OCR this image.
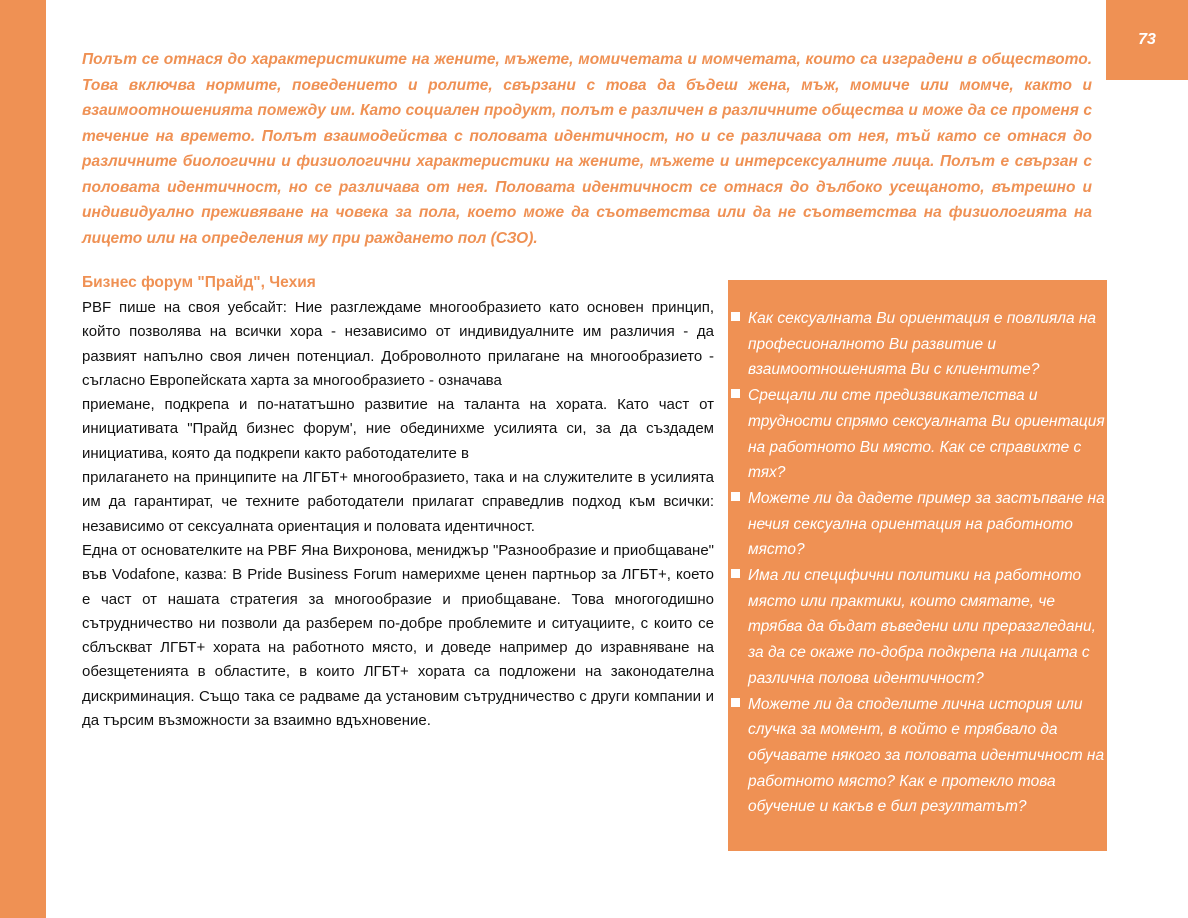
73

Полът се отнася до характеристиките на жените, мъжете, момичетата и момчетата, които са изградени в обществото. Това включва нормите, поведението и ролите, свързани с това да бъдеш жена, мъж, момиче или момче, както и взаимоотношенията помежду им. Като социален продукт, полът е различен в различните общества и може да се променя с течение на времето. Полът взаимодейства с половата идентичност, но и се различава от нея, тъй като се отнася до различните биологични и физиологични характеристики на жените, мъжете и интерсексуалните лица. Полът е свързан с половата идентичност, но се различава от нея. Половата идентичност се отнася до дълбоко усещаното, вътрешно и индивидуално преживяване на човека за пола, което може да съответства или да не съответства на физиологията на лицето или на определения му при раждането пол (СЗО).

Бизнес форум "Прайд", Чехия

PBF пише на своя уебсайт: Ние разглеждаме многообразието като основен принцип, който позволява на всички хора - независимо от индивидуалните им различия - да развият напълно своя личен потенциал. Доброволното прилагане на многообразието - съгласно Европейската харта за многообразието - означава

приемане, подкрепа и по-нататъшно развитие на таланта на хората. Като част от инициативата "Прайд бизнес форум', ние обединихме усилията си, за да създадем инициатива, която да подкрепи както работодателите в

прилагането на принципите на ЛГБТ+ многообразието, така и на служителите в усилията им да гарантират, че техните работодатели прилагат справедлив подход към всички: независимо от сексуалната ориентация и половата идентичност.

Една от основателките на PBF Яна Вихронова, мениджър "Разнообразие и приобщаване" във Vodafone, казва: В Pride Business Forum намерихме ценен партньор за ЛГБТ+, което е част от нашата стратегия за многообразие и приобщаване. Това многогодишно сътрудничество ни позволи да разберем по-добре проблемите и ситуациите, с които се сблъскват ЛГБТ+ хората на работното място, и доведе например до изравняване на обезщетенията в областите, в които ЛГБТ+ хората са подложени на законодателна дискриминация. Също така се радваме да установим сътрудничество с други компании и да търсим възможности за взаимно вдъхновение.

Как сексуалната Ви ориентация е повлияла на професионалното Ви развитие и взаимоотношенията Ви с клиентите?
Срещали ли сте предизвикателства и трудности спрямо сексуалната Ви ориентация на работното Ви място. Как се справихте с тях?
Можете ли да дадете пример за застъпване на нечия сексуална ориентация на работното място?
Има ли специфични политики на работното място или практики, които смятате, че трябва да бъдат въведени или преразгледани, за да се окаже по-добра подкрепа на лицата с различна полова идентичност?
Можете ли да споделите лична история или случка за момент, в който е трябвало да обучавате някого за половата идентичност на работното място? Как е протекло това обучение и какъв е бил резултатът?
